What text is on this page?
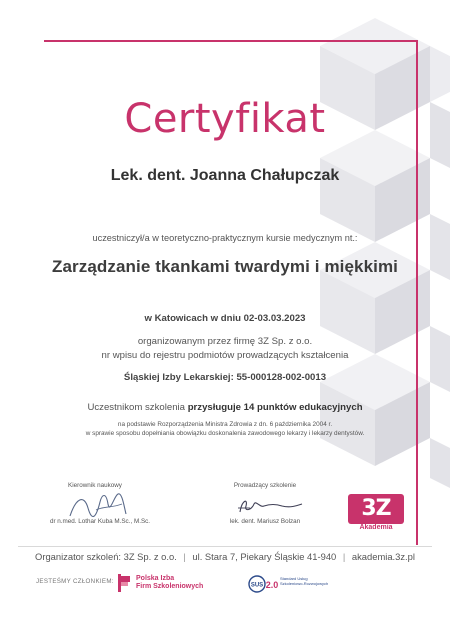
Certyfikat
Lek. dent. Joanna Chałupczak
uczestniczył/a w teoretyczno-praktycznym kursie medycznym nt.:
Zarządzanie tkankami twardymi i miękkimi
w Katowicach w dniu 02-03.03.2023
organizowanym przez firmę 3Z Sp. z o.o.
nr wpisu do rejestru podmiotów prowadzących kształcenia
Śląskiej Izby Lekarskiej: 55-000128-002-0013
Uczestnikom szkolenia przysługuje 14 punktów edukacyjnych
na podstawie Rozporządzenia Ministra Zdrowia z dn. 6 października 2004 r.
w sprawie sposobu dopełniania obowiązku doskonalenia zawodowego lekarzy i lekarzy dentystów.
Kierownik naukowy
dr n.med. Lothar Kuba M.Sc., M.Sc.
Prowadzący szkolenie
lek. dent. Mariusz Bolzan
3Z
Akademia
Organizator szkoleń: 3Z Sp. z o.o. | ul. Stara 7, Piekary Śląskie 41-940 | akademia.3z.pl
JESTEŚMY CZŁONKIEM:	Polska Izba
Firm Szkoleniowych	SUS 2.0
Standard Usług
Szkoleniowo-Rozwojowych
